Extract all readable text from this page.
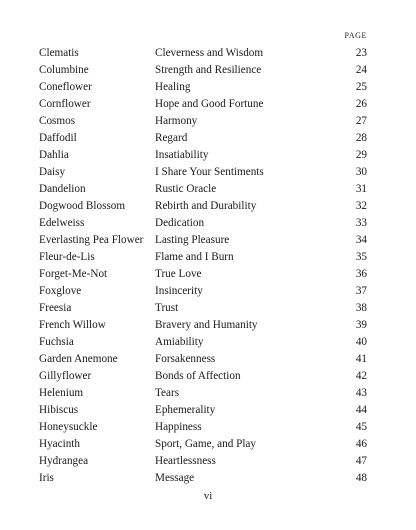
PAGE
Clematis	Cleverness and Wisdom	23
Columbine	Strength and Resilience	24
Coneflower	Healing	25
Cornflower	Hope and Good Fortune	26
Cosmos	Harmony	27
Daffodil	Regard	28
Dahlia	Insatiability	29
Daisy	I Share Your Sentiments	30
Dandelion	Rustic Oracle	31
Dogwood Blossom	Rebirth and Durability	32
Edelweiss	Dedication	33
Everlasting Pea Flower	Lasting Pleasure	34
Fleur-de-Lis	Flame and I Burn	35
Forget-Me-Not	True Love	36
Foxglove	Insincerity	37
Freesia	Trust	38
French Willow	Bravery and Humanity	39
Fuchsia	Amiability	40
Garden Anemone	Forsakenness	41
Gillyflower	Bonds of Affection	42
Helenium	Tears	43
Hibiscus	Ephemerality	44
Honeysuckle	Happiness	45
Hyacinth	Sport, Game, and Play	46
Hydrangea	Heartlessness	47
Iris	Message	48
vi
